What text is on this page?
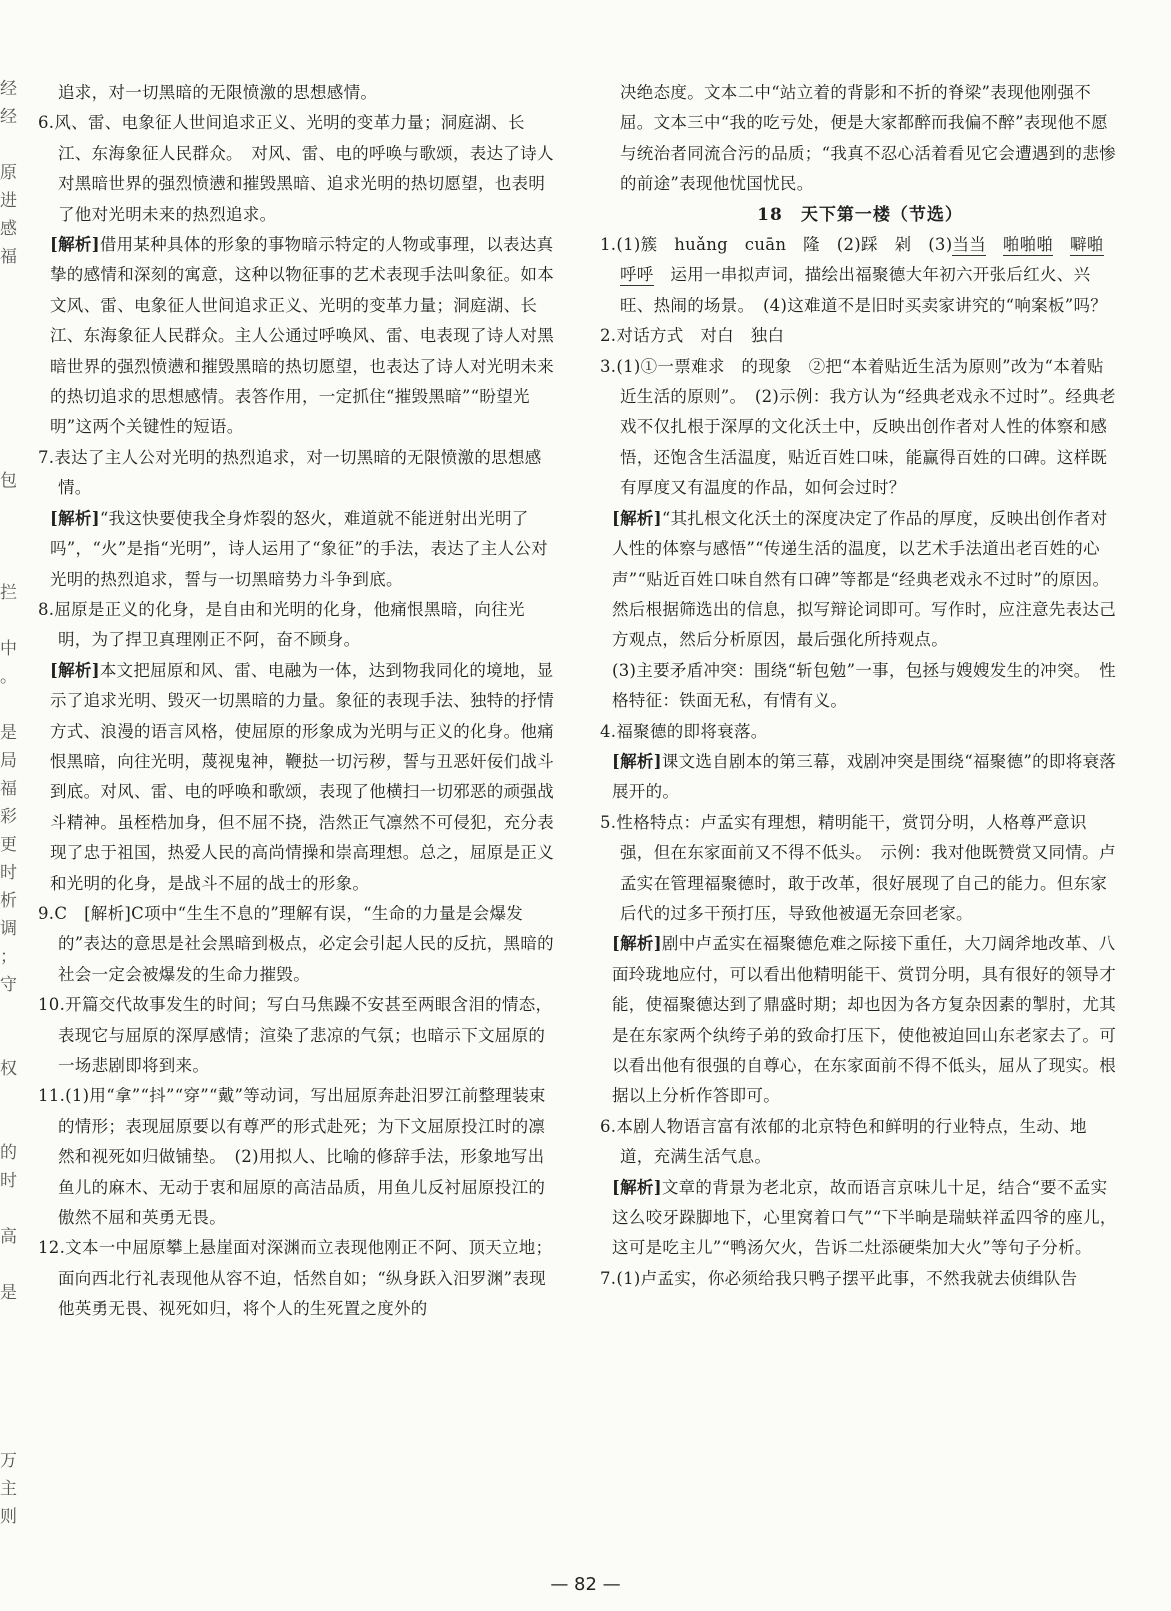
经
经
原
进
感
福
包
拦
中
。
是
局
福
彩
更
时
析
调
；
守
权
的
时
高
是
万
主
则

追求，对一切黑暗的无限愤激的思想感情。

6.风、雷、电象征人世间追求正义、光明的变革力量；洞庭湖、长江、东海象征人民群众。　对风、雷、电的呼唤与歌颂，表达了诗人对黑暗世界的强烈愤懑和摧毁黑暗、追求光明的热切愿望，也表明了他对光明未来的热烈追求。

[ 解析 ] 借用某种具体的形象的事物暗示特定的人物或事理，以表达真挚的感情和深刻的寓意，这种以物征事的艺术表现手法叫象征。如本文风、雷、电象征人世间追求正义、光明的变革力量；洞庭湖、长江、东海象征人民群众。主人公通过呼唤风、雷、电表现了诗人对黑暗世界的强烈愤懑和摧毁黑暗的热切愿望，也表达了诗人对光明未来的热切追求的思想感情。表答作用，一定抓住“摧毁黑暗”“盼望光明”这两个关键性的短语。

7.表达了主人公对光明的热烈追求，对一切黑暗的无限愤激的思想感情。

[ 解析 ] “我这快要使我全身炸裂的怒火，难道就不能迸射出光明了吗”，“火”是指“光明”，诗人运用了“象征”的手法，表达了主人公对光明的热烈追求，誓与一切黑暗势力斗争到底。

8.屈原是正义的化身，是自由和光明的化身，他痛恨黑暗，向往光明，为了捍卫真理刚正不阿，奋不顾身。

[ 解析 ] 本文把屈原和风、雷、电融为一体，达到物我同化的境地，显示了追求光明、毁灭一切黑暗的力量。象征的表现手法、独特的抒情方式、浪漫的语言风格，使屈原的形象成为光明与正义的化身。他痛恨黑暗，向往光明，蔑视鬼神，鞭挞一切污秽，誓与丑恶奸佞们战斗到底。对风、雷、电的呼唤和歌颂，表现了他横扫一切邪恶的顽强战斗精神。虽桎梏加身，但不屈不挠，浩然正气凛然不可侵犯，充分表现了忠于祖国，热爱人民的高尚情操和崇高理想。总之，屈原是正义和光明的化身，是战斗不屈的战士的形象。

9.C　[解析]C项中“生生不息的”理解有误，“生命的力量是会爆发的”表达的意思是社会黑暗到极点，必定会引起人民的反抗，黑暗的社会一定会被爆发的生命力摧毁。

10.开篇交代故事发生的时间；写白马焦躁不安甚至两眼含泪的情态，表现它与屈原的深厚感情；渲染了悲凉的气氛；也暗示下文屈原的一场悲剧即将到来。

11.(1)用“拿”“抖”“穿”“戴”等动词，写出屈原奔赴汨罗江前整理装束的情形；表现屈原要以有尊严的形式赴死；为下文屈原投江时的凛然和视死如归做铺垫。　(2)用拟人、比喻的修辞手法，形象地写出鱼儿的麻木、无动于衷和屈原的高洁品质，用鱼儿反衬屈原投江的傲然不屈和英勇无畏。

12.文本一中屈原攀上悬崖面对深渊而立表现他刚正不阿、顶天立地；面向西北行礼表现他从容不迫，恬然自如；“纵身跃入汨罗渊”表现他英勇无畏、视死如归，将个人的生死置之度外的

决绝态度。文本二中“站立着的背影和不折的脊梁”表现他刚强不屈。文本三中“我的吃亏处，便是大家都醉而我偏不醉”表现他不愿与统治者同流合污的品质；“我真不忍心活着看见它会遭遇到的悲惨的前途”表现他忧国忧民。

18　天下第一楼（节选）

1.(1)簇　huǎng　cuān　隆　(2)踩　剁　(3)当当　 啪啪啪　 噼啪　呼呼　运用一串拟声词，描绘出福聚德大年初六开张后红火、兴旺、热闹的场景。　(4)这难道不是旧时买卖家讲究的“响案板”吗？

2.对话方式　对白　独白

3.(1)①一票难求　的现象　②把“本着贴近生活为原则”改为“本着贴近生活的原则”。　(2)示例：我方认为“经典老戏永不过时”。经典老戏不仅扎根于深厚的文化沃土中，反映出创作者对人性的体察和感悟，还饱含生活温度，贴近百姓口味，能赢得百姓的口碑。这样既有厚度又有温度的作品，如何会过时？

[ 解析 ] “其扎根文化沃土的深度决定了作品的厚度，反映出创作者对人性的体察与感悟”“传递生活的温度，以艺术手法道出老百姓的心声”“贴近百姓口味自然有口碑”等都是“经典老戏永不过时”的原因。然后根据筛选出的信息，拟写辩论词即可。写作时，应注意先表达己方观点，然后分析原因，最后强化所持观点。

(3)主要矛盾冲突：围绕“斩包勉”一事，包拯与嫂嫂发生的冲突。　性格特征：铁面无私，有情有义。

4.福聚德的即将衰落。

[ 解析 ] 课文选自剧本的第三幕，戏剧冲突是围绕“福聚德”的即将衰落展开的。

5.性格特点：卢孟实有理想，精明能干，赏罚分明，人格尊严意识强，但在东家面前又不得不低头。　示例：我对他既赞赏又同情。卢孟实在管理福聚德时，敢于改革，很好展现了自己的能力。但东家后代的过多干预打压，导致他被逼无奈回老家。

[ 解析 ] 剧中卢孟实在福聚德危难之际接下重任，大刀阔斧地改革、八面玲珑地应付，可以看出他精明能干、赏罚分明，具有很好的领导才能，使福聚德达到了鼎盛时期；却也因为各方复杂因素的掣肘，尤其是在东家两个纨绔子弟的致命打压下，使他被迫回山东老家去了。可以看出他有很强的自尊心，在东家面前不得不低头，屈从了现实。根据以上分析作答即可。

6.本剧人物语言富有浓郁的北京特色和鲜明的行业特点，生动、地道，充满生活气息。

[ 解析 ] 文章的背景为老北京，故而语言京味儿十足，结合“要不孟实这么咬牙跺脚地下，心里窝着口气”“下半晌是瑞蚨祥孟四爷的座儿，这可是吃主儿”“鸭汤欠火，告诉二灶添硬柴加大火”等句子分析。

7.(1)卢孟实，你必须给我只鸭子摆平此事，不然我就去侦缉队告

— 82 —
